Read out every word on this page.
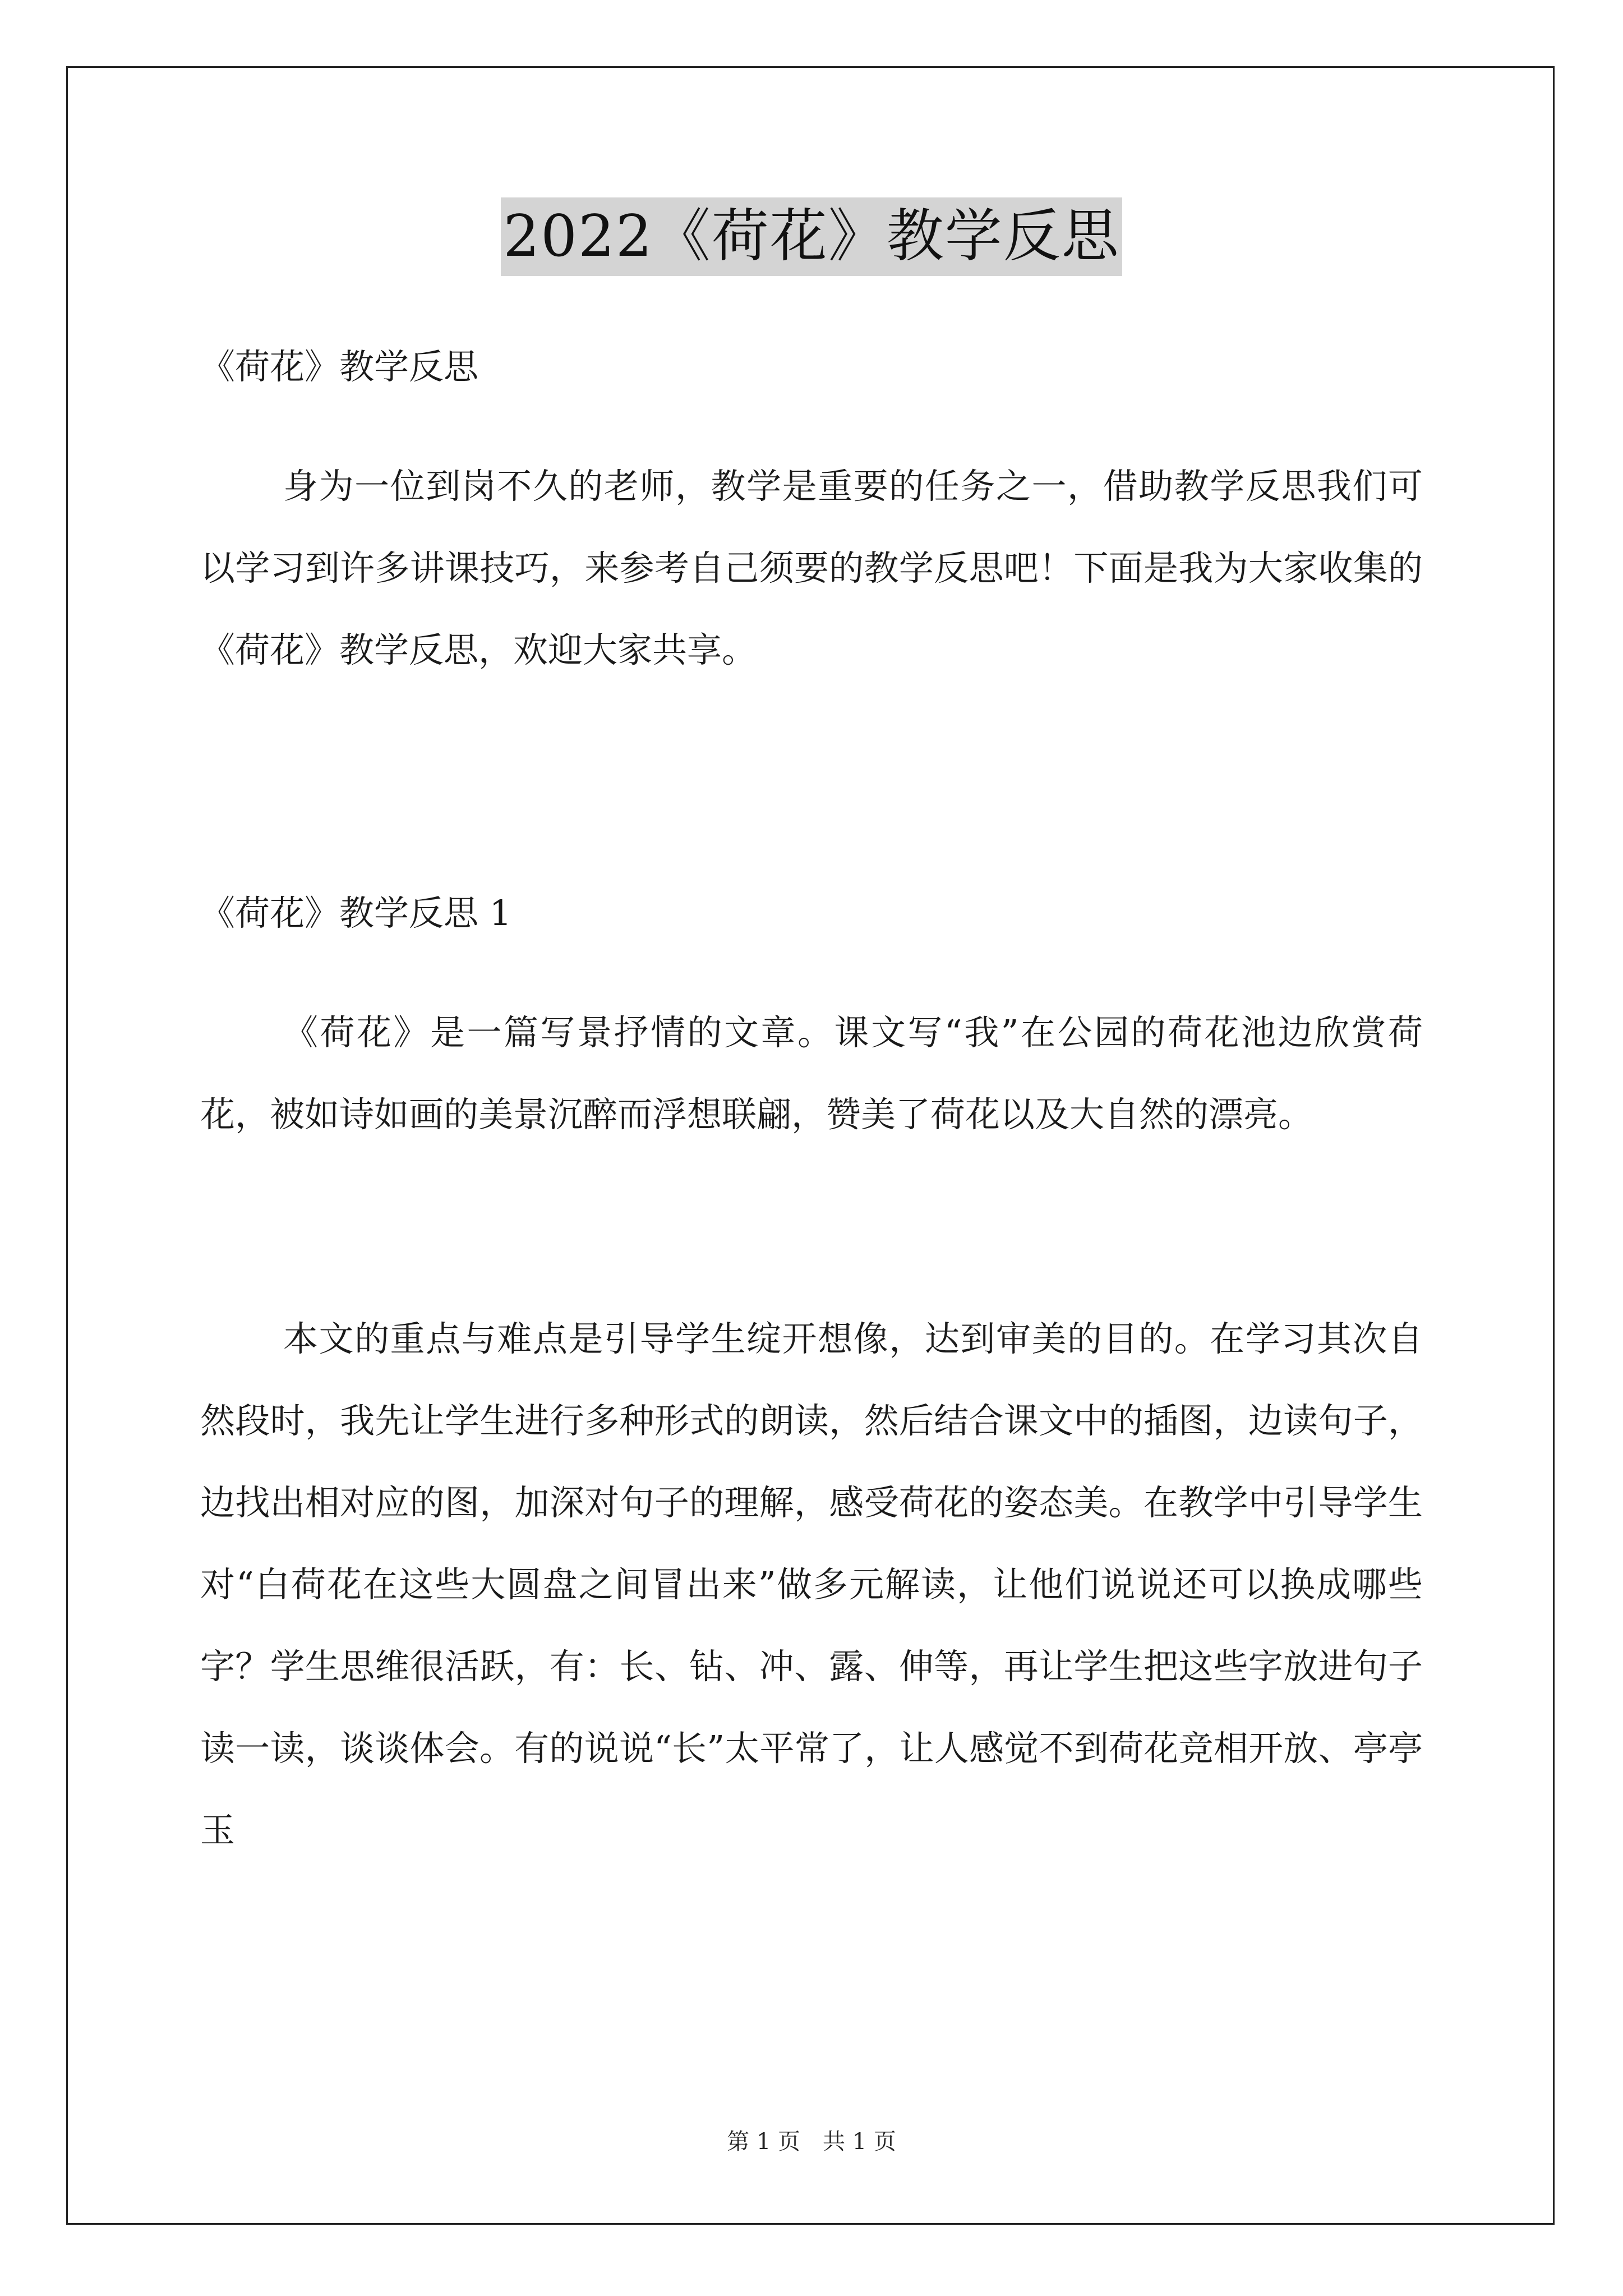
2022《荷花》教学反思
《荷花》教学反思
身为一位到岗不久的老师，教学是重要的任务之一，借助教学反思我们可以学习到许多讲课技巧，来参考自己须要的教学反思吧！下面是我为大家收集的《荷花》教学反思，欢迎大家共享。
《荷花》教学反思 1
《荷花》是一篇写景抒情的文章。课文写“我”在公园的荷花池边欣赏荷花，被如诗如画的美景沉醉而浮想联翩，赞美了荷花以及大自然的漂亮。
本文的重点与难点是引导学生绽开想像，达到审美的目的。在学习其次自然段时，我先让学生进行多种形式的朗读，然后结合课文中的插图，边读句子，边找出相对应的图，加深对句子的理解，感受荷花的姿态美。在教学中引导学生对“白荷花在这些大圆盘之间冒出来”做多元解读，让他们说说还可以换成哪些字？学生思维很活跃，有：长、钻、冲、露、伸等，再让学生把这些字放进句子读一读，谈谈体会。有的说说“长”太平常了，让人感觉不到荷花竞相开放、亭亭玉
第 1 页　共 1 页
